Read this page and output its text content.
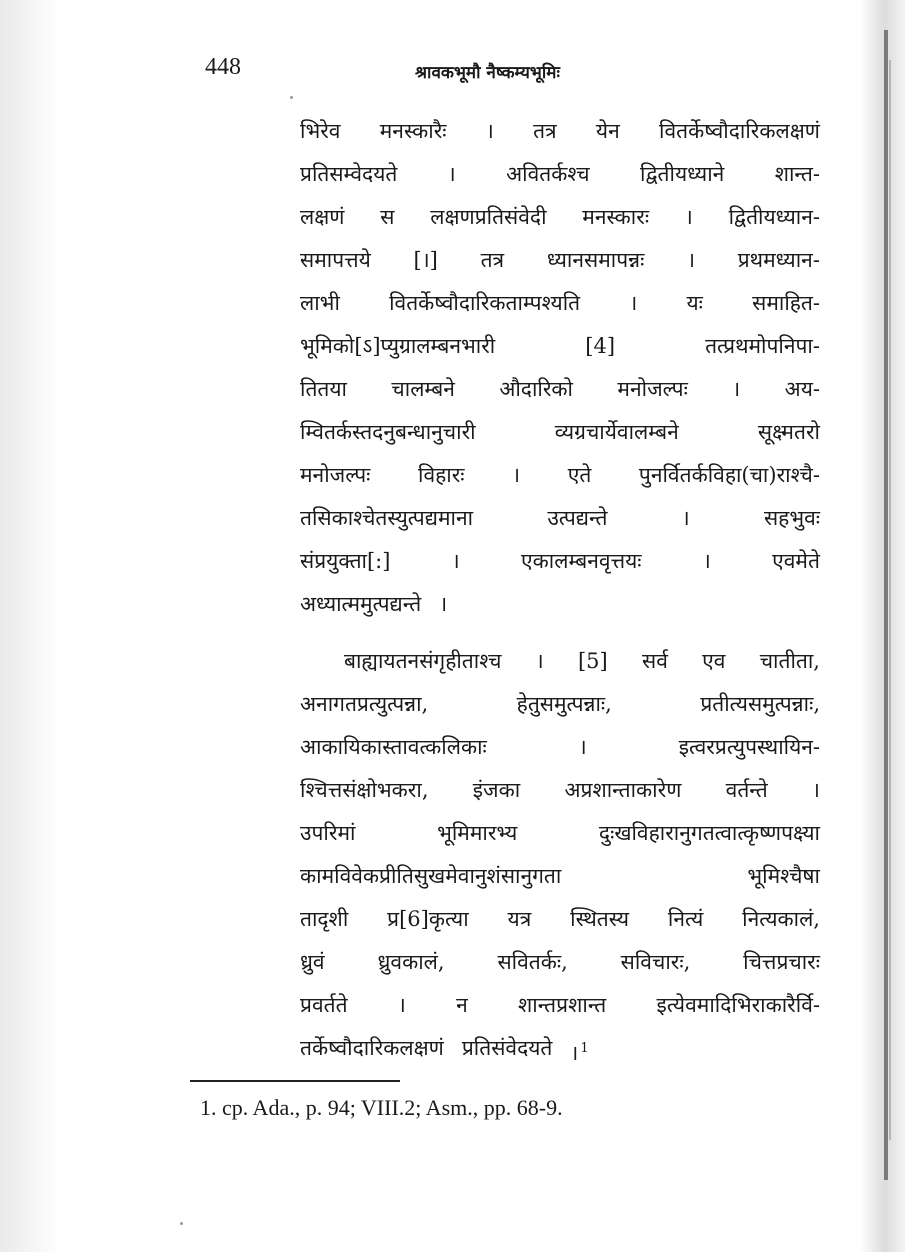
448	श्रावकभूमौ नैष्कम्यभूमिः
भिरेव मनस्कारैः । तत्र येन वितर्केष्वौदारिकलक्षणं
प्रतिसम्वेदयते । अवितर्कश्च द्वितीयध्याने शान्त-
लक्षणं स लक्षणप्रतिसंवेदी मनस्कारः । द्वितीयध्यान-
समापत्तये [।] तत्र ध्यानसमापन्नः । प्रथमध्यान-
लाभी वितर्केष्वौदारिकताम्पश्यति । यः समाहित-
भूमिको[ऽ]प्युग्रालम्बनभारी	[4]	तत्प्रथमोपनिपा-
तितया चालम्बने औदारिको मनोजल्पः । अय-
म्वितर्कस्तदनुबन्धानुचारी	व्यग्रचार्येवालम्बने	सूक्ष्मतरो
मनोजल्पः विहारः । एते पुनर्वितर्कविहा(चा)राश्चै-
तसिकाश्चेतस्युत्पद्यमाना	उत्पद्यन्ते	।	सहभुवः
संप्रयुक्ता[:]	।	एकालम्बनवृत्तयः	।	एवमेते
अध्यात्ममुत्पद्यन्ते ।
बाह्यायतनसंगृहीताश्च । [5] सर्व एव चातीता,
अनागतप्रत्युत्पन्ना,	हेतुसमुत्पन्नाः,	प्रतीत्यसमुत्पन्नाः,
आकायिकास्तावत्कलिकाः	।	इत्वरप्रत्युपस्थायिन-
श्चित्तसंक्षोभकरा, इंजका अप्रशान्ताकारेण वर्तन्ते ।
उपरिमां	भूमिमारभ्य	दुःखविहारानुगतत्वात्कृष्णपक्ष्या
कामविवेकप्रीतिसुखमेवानुशंसानुगता	भूमिश्चैषा
तादृशी प्र[6]कृत्या यत्र स्थितस्य नित्यं नित्यकालं,
ध्रुवं	ध्रुवकालं,	सवितर्कः,	सविचारः,	चित्तप्रचारः
प्रवर्तते । न शान्तप्रशान्त इत्येवमादिभिराकारैर्वि-
तर्केष्वौदारिकलक्षणं प्रतिसंवेदयते । $^1$
1. cp. Ada., p. 94; VIII.2; Asm., pp. 68-9.
